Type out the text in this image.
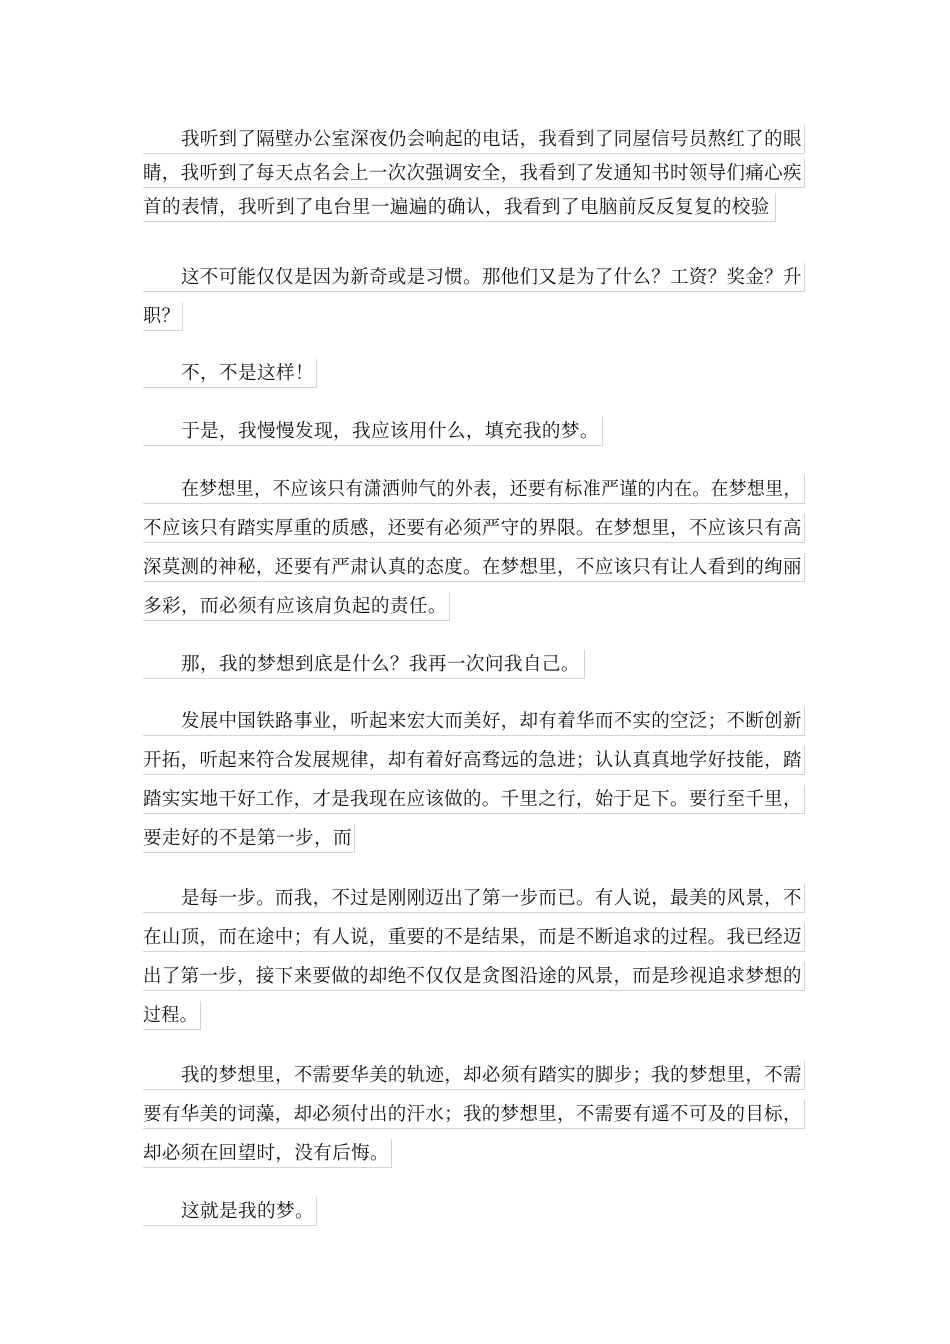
我听到了隔壁办公室深夜仍会响起的电话，我看到了同屋信号员熬红了的眼
睛，我听到了每天点名会上一次次强调安全，我看到了发通知书时领导们痛心疾
首的表情，我听到了电台里一遍遍的确认，我看到了电脑前反反复复的校验
这不可能仅仅是因为新奇或是习惯。那他们又是为了什么？工资？奖金？升
职？
不，不是这样！
于是，我慢慢发现，我应该用什么，填充我的梦。
在梦想里，不应该只有潇洒帅气的外表，还要有标准严谨的内在。在梦想里，
不应该只有踏实厚重的质感，还要有必须严守的界限。在梦想里，不应该只有高
深莫测的神秘，还要有严肃认真的态度。在梦想里，不应该只有让人看到的绚丽
多彩，而必须有应该肩负起的责任。
那，我的梦想到底是什么？我再一次问我自己。
发展中国铁路事业，听起来宏大而美好，却有着华而不实的空泛；不断创新
开拓，听起来符合发展规律，却有着好高骛远的急进；认认真真地学好技能，踏
踏实实地干好工作，才是我现在应该做的。千里之行，始于足下。要行至千里，
要走好的不是第一步，而
是每一步。而我，不过是刚刚迈出了第一步而已。有人说，最美的风景，不
在山顶，而在途中；有人说，重要的不是结果，而是不断追求的过程。我已经迈
出了第一步，接下来要做的却绝不仅仅是贪图沿途的风景，而是珍视追求梦想的
过程。
我的梦想里，不需要华美的轨迹，却必须有踏实的脚步；我的梦想里，不需
要有华美的词藻，却必须付出的汗水；我的梦想里，不需要有遥不可及的目标，
却必须在回望时，没有后悔。
这就是我的梦。
